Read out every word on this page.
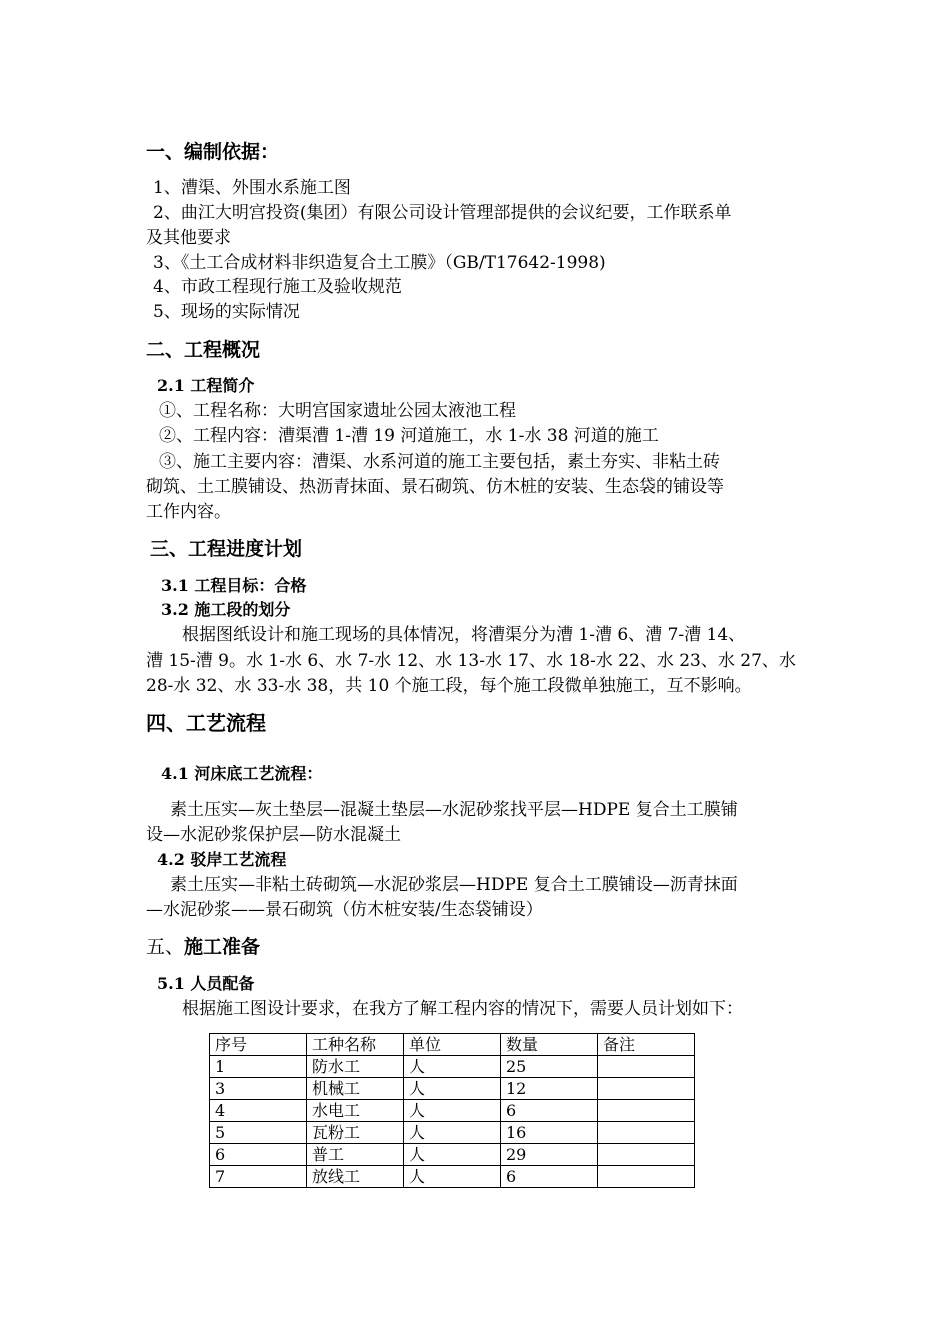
一、编制依据：
1、漕渠、外围水系施工图
2、曲江大明宫投资(集团）有限公司设计管理部提供的会议纪要，工作联系单
及其他要求
3、《土工合成材料非织造复合土工膜》（GB/T17642-1998)
4、市政工程现行施工及验收规范
5、现场的实际情况
二、工程概况
2.1 工程简介
①、工程名称：大明宫国家遗址公园太液池工程
②、工程内容：漕渠漕 1-漕 19 河道施工，水 1-水 38 河道的施工
③、施工主要内容：漕渠、水系河道的施工主要包括，素土夯实、非粘土砖
砌筑、土工膜铺设、热沥青抹面、景石砌筑、仿木桩的安装、生态袋的铺设等
工作内容。
三、工程进度计划
3.1 工程目标：合格
3.2 施工段的划分
根据图纸设计和施工现场的具体情况，将漕渠分为漕 1-漕 6、漕 7-漕 14、
漕 15-漕 9。水 1-水 6、水 7-水 12、水 13-水 17、水 18-水 22、水 23、水 27、水
28-水 32、水 33-水 38，共 10 个施工段，每个施工段微单独施工，互不影响。
四、工艺流程
4.1 河床底工艺流程：
素土压实—灰土垫层—混凝土垫层—水泥砂浆找平层—HDPE 复合土工膜铺
设—水泥砂浆保护层—防水混凝土
4.2 驳岸工艺流程
素土压实—非粘土砖砌筑—水泥砂浆层—HDPE 复合土工膜铺设—沥青抹面
—水泥砂浆——景石砌筑（仿木桩安装/生态袋铺设）
五、施工准备
5.1 人员配备
根据施工图设计要求，在我方了解工程内容的情况下，需要人员计划如下：
序号	工种名称	单位	数量	备注
1	防水工	人	25	
3	机械工	人	12	
4	水电工	人	6	
5	瓦粉工	人	16	
6	普工	人	29	
7	放线工	人	6	
